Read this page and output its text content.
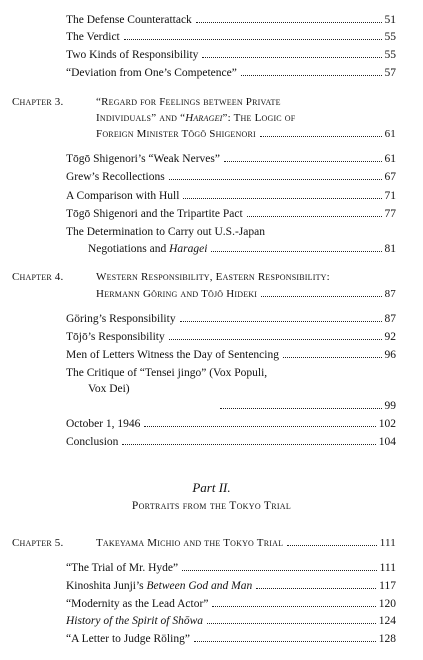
The Defense Counterattack	51
The Verdict	55
Two Kinds of Responsibility	55
“Deviation from One’s Competence”	57
Chapter 3.	“Regard for Feelings between Private
Individuals” and “Haragei”: The Logic of
Foreign Minister Tōgō Shigenori	61
Tōgō Shigenori’s “Weak Nerves”	61
Grew’s Recollections	67
A Comparison with Hull	71
Tōgō Shigenori and the Tripartite Pact	77
The Determination to Carry out U.S.-Japan
Negotiations and Haragei	81
Chapter 4.	Western Responsibility, Eastern Responsibility:
Hermann Göring and Tōjō Hideki	87
Göring’s Responsibility	87
Tōjō’s Responsibility	92
Men of Letters Witness the Day of Sentencing	96
The Critique of “Tensei jingo” (Vox Populi,
Vox Dei)
99
October 1, 1946	102
Conclusion	104
Part II.
Portraits from the Tokyo Trial
Chapter 5.	Takeyama Michio and the Tokyo Trial	111
“The Trial of Mr. Hyde”	111
Kinoshita Junji’s Between God and Man	117
“Modernity as the Lead Actor”	120
History of the Spirit of Shōwa	124
“A Letter to Judge Röling”	128
